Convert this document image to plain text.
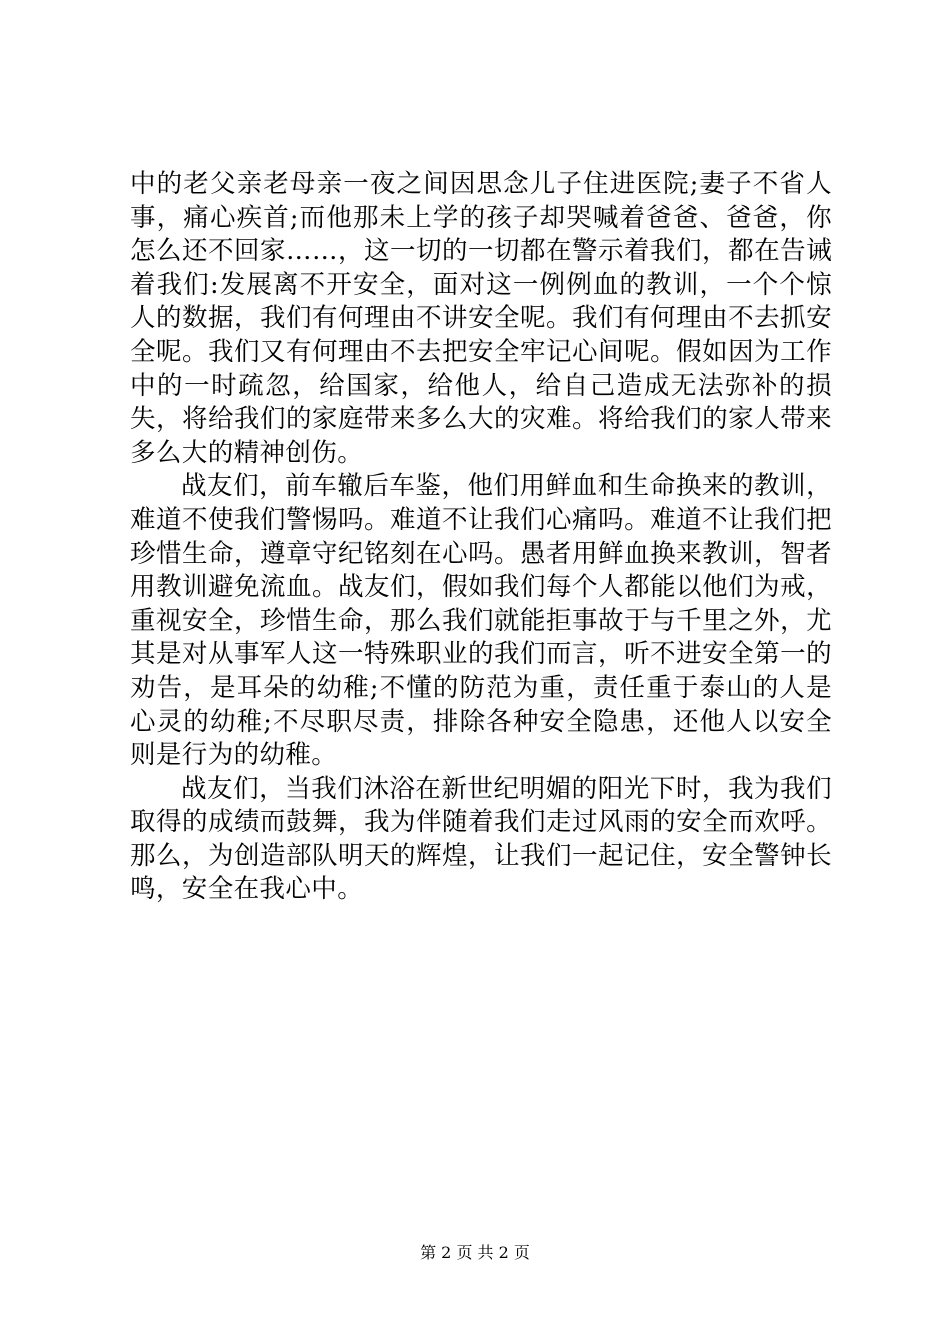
中的老父亲老母亲一夜之间因思念儿子住进医院;妻子不省人事，痛心疾首;而他那未上学的孩子却哭喊着爸爸、爸爸，你怎么还不回家……，这一切的一切都在警示着我们，都在告诫着我们:发展离不开安全，面对这一例例血的教训，一个个惊人的数据，我们有何理由不讲安全呢。我们有何理由不去抓安全呢。我们又有何理由不去把安全牢记心间呢。假如因为工作中的一时疏忽，给国家，给他人，给自己造成无法弥补的损失，将给我们的家庭带来多么大的灾难。将给我们的家人带来多么大的精神创伤。

战友们，前车辙后车鉴，他们用鲜血和生命换来的教训，难道不使我们警惕吗。难道不让我们心痛吗。难道不让我们把珍惜生命，遵章守纪铭刻在心吗。愚者用鲜血换来教训，智者用教训避免流血。战友们，假如我们每个人都能以他们为戒，重视安全，珍惜生命，那么我们就能拒事故于与千里之外，尤其是对从事军人这一特殊职业的我们而言，听不进安全第一的劝告，是耳朵的幼稚;不懂的防范为重，责任重于泰山的人是心灵的幼稚;不尽职尽责，排除各种安全隐患，还他人以安全则是行为的幼稚。

战友们，当我们沐浴在新世纪明媚的阳光下时，我为我们取得的成绩而鼓舞，我为伴随着我们走过风雨的安全而欢呼。那么，为创造部队明天的辉煌，让我们一起记住，安全警钟长鸣，安全在我心中。

第 2 页 共 2 页
